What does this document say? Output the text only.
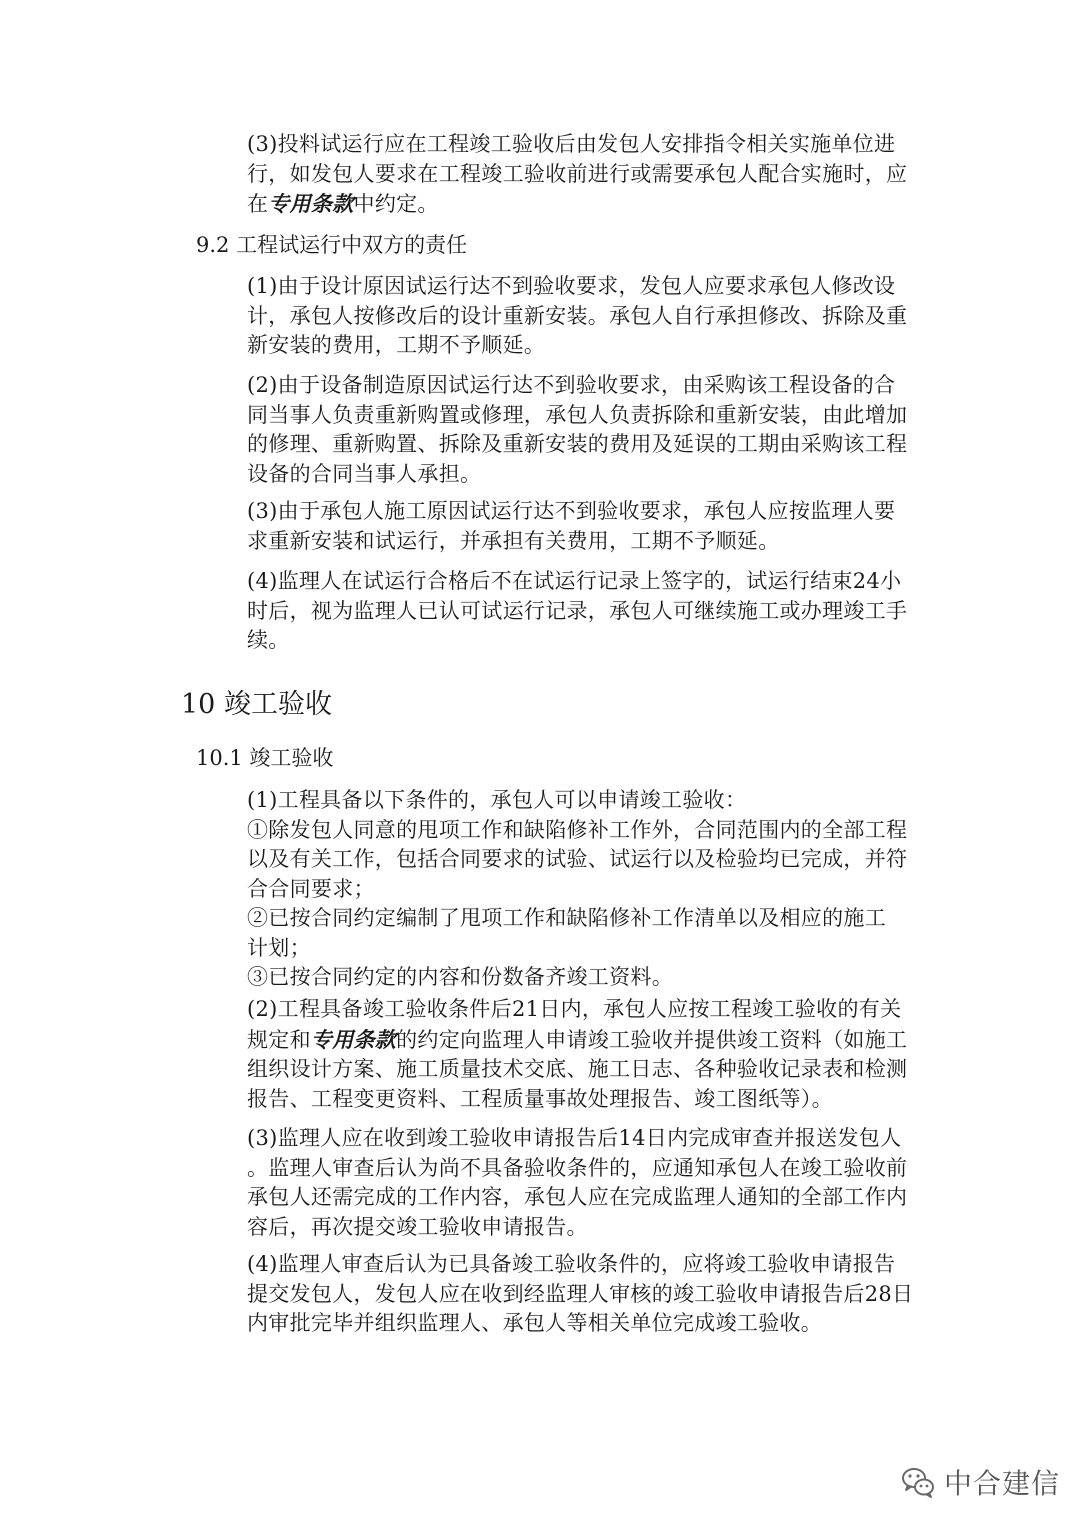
(3)投料试运行应在工程竣工验收后由发包人安排指令相关实施单位进
行，如发包人要求在工程竣工验收前进行或需要承包人配合实施时，应
在专用条款中约定。

9.2 工程试运行中双方的责任

(1)由于设计原因试运行达不到验收要求，发包人应要求承包人修改设
计，承包人按修改后的设计重新安装。承包人自行承担修改、拆除及重
新安装的费用，工期不予顺延。

(2)由于设备制造原因试运行达不到验收要求，由采购该工程设备的合
同当事人负责重新购置或修理，承包人负责拆除和重新安装，由此增加
的修理、重新购置、拆除及重新安装的费用及延误的工期由采购该工程
设备的合同当事人承担。

(3)由于承包人施工原因试运行达不到验收要求，承包人应按监理人要
求重新安装和试运行，并承担有关费用，工期不予顺延。

(4)监理人在试运行合格后不在试运行记录上签字的，试运行结束24小
时后，视为监理人已认可试运行记录，承包人可继续施工或办理竣工手
续。

10 竣工验收
10.1 竣工验收

(1)工程具备以下条件的，承包人可以申请竣工验收：
①除发包人同意的甩项工作和缺陷修补工作外，合同范围内的全部工程
以及有关工作，包括合同要求的试验、试运行以及检验均已完成，并符
合合同要求；
②已按合同约定编制了甩项工作和缺陷修补工作清单以及相应的施工
计划；
③已按合同约定的内容和份数备齐竣工资料。

(2)工程具备竣工验收条件后21日内，承包人应按工程竣工验收的有关
规定和专用条款的约定向监理人申请竣工验收并提供竣工资料（如施工
组织设计方案、施工质量技术交底、施工日志、各种验收记录表和检测
报告、工程变更资料、工程质量事故处理报告、竣工图纸等）。

(3)监理人应在收到竣工验收申请报告后14日内完成审查并报送发包人
。监理人审查后认为尚不具备验收条件的，应通知承包人在竣工验收前
承包人还需完成的工作内容，承包人应在完成监理人通知的全部工作内
容后，再次提交竣工验收申请报告。

(4)监理人审查后认为已具备竣工验收条件的，应将竣工验收申请报告
提交发包人，发包人应在收到经监理人审核的竣工验收申请报告后28日
内审批完毕并组织监理人、承包人等相关单位完成竣工验收。

中合建信
